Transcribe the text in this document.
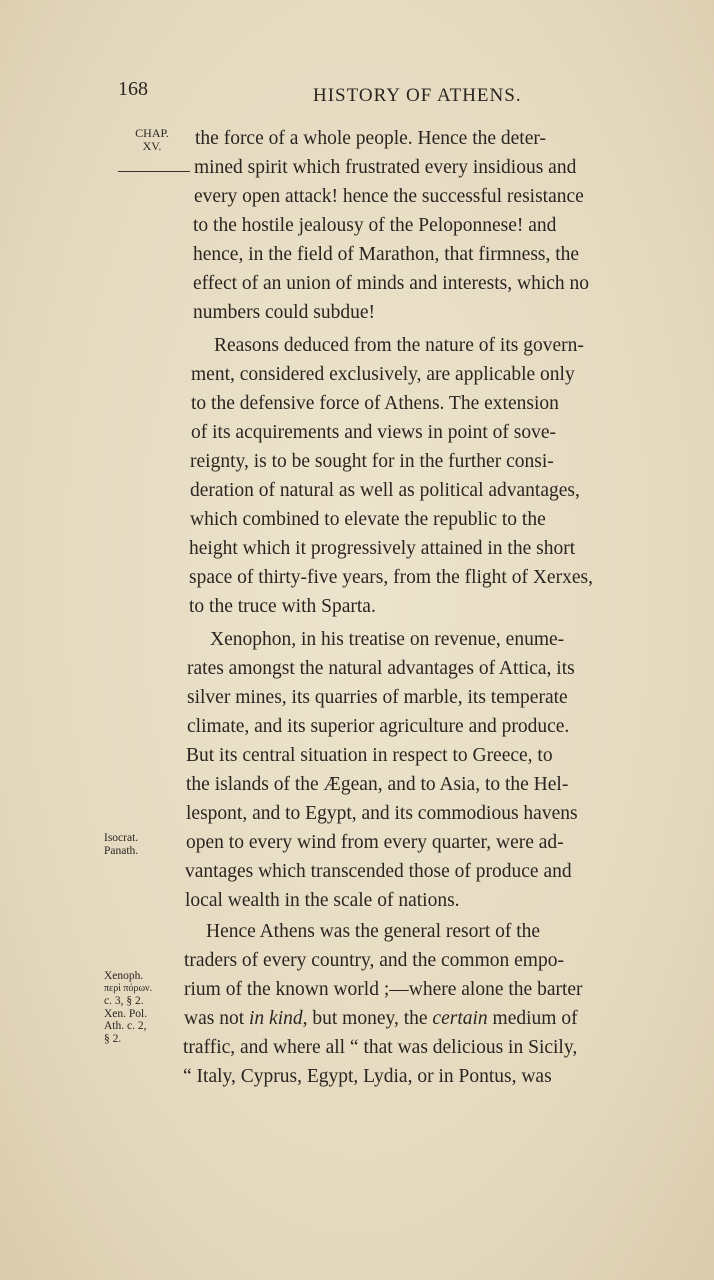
168	HISTORY OF ATHENS.
CHAP.
XV.	the force of a whole people. Hence the deter-
mined spirit which frustrated every insidious and
every open attack! hence the successful resistance
to the hostile jealousy of the Peloponnese! and
hence, in the field of Marathon, that firmness, the
effect of an union of minds and interests, which no
numbers could subdue!
Reasons deduced from the nature of its govern-
ment, considered exclusively, are applicable only
to the defensive force of Athens. The extension
of its acquirements and views in point of sove-
reignty, is to be sought for in the further consi-
deration of natural as well as political advantages,
which combined to elevate the republic to the
height which it progressively attained in the short
space of thirty-five years, from the flight of Xerxes,
to the truce with Sparta.
Xenophon, in his treatise on revenue, enume-
rates amongst the natural advantages of Attica, its
silver mines, its quarries of marble, its temperate
climate, and its superior agriculture and produce.
But its central situation in respect to Greece, to
the islands of the Ægean, and to Asia, to the Hel-
lespont, and to Egypt, and its commodious havens
open to every wind from every quarter, were ad-
vantages which transcended those of produce and
local wealth in the scale of nations.
Hence Athens was the general resort of the
traders of every country, and the common empo-
rium of the known world ;—where alone the barter
was not in kind, but money, the certain medium of
traffic, and where all “ that was delicious in Sicily,
“ Italy, Cyprus, Egypt, Lydia, or in Pontus, was
Isocrat.
Panath.
Xenoph.
περὶ πόρων.
c. 3, § 2.
Xen. Pol.
Ath. c. 2,
§ 2.
